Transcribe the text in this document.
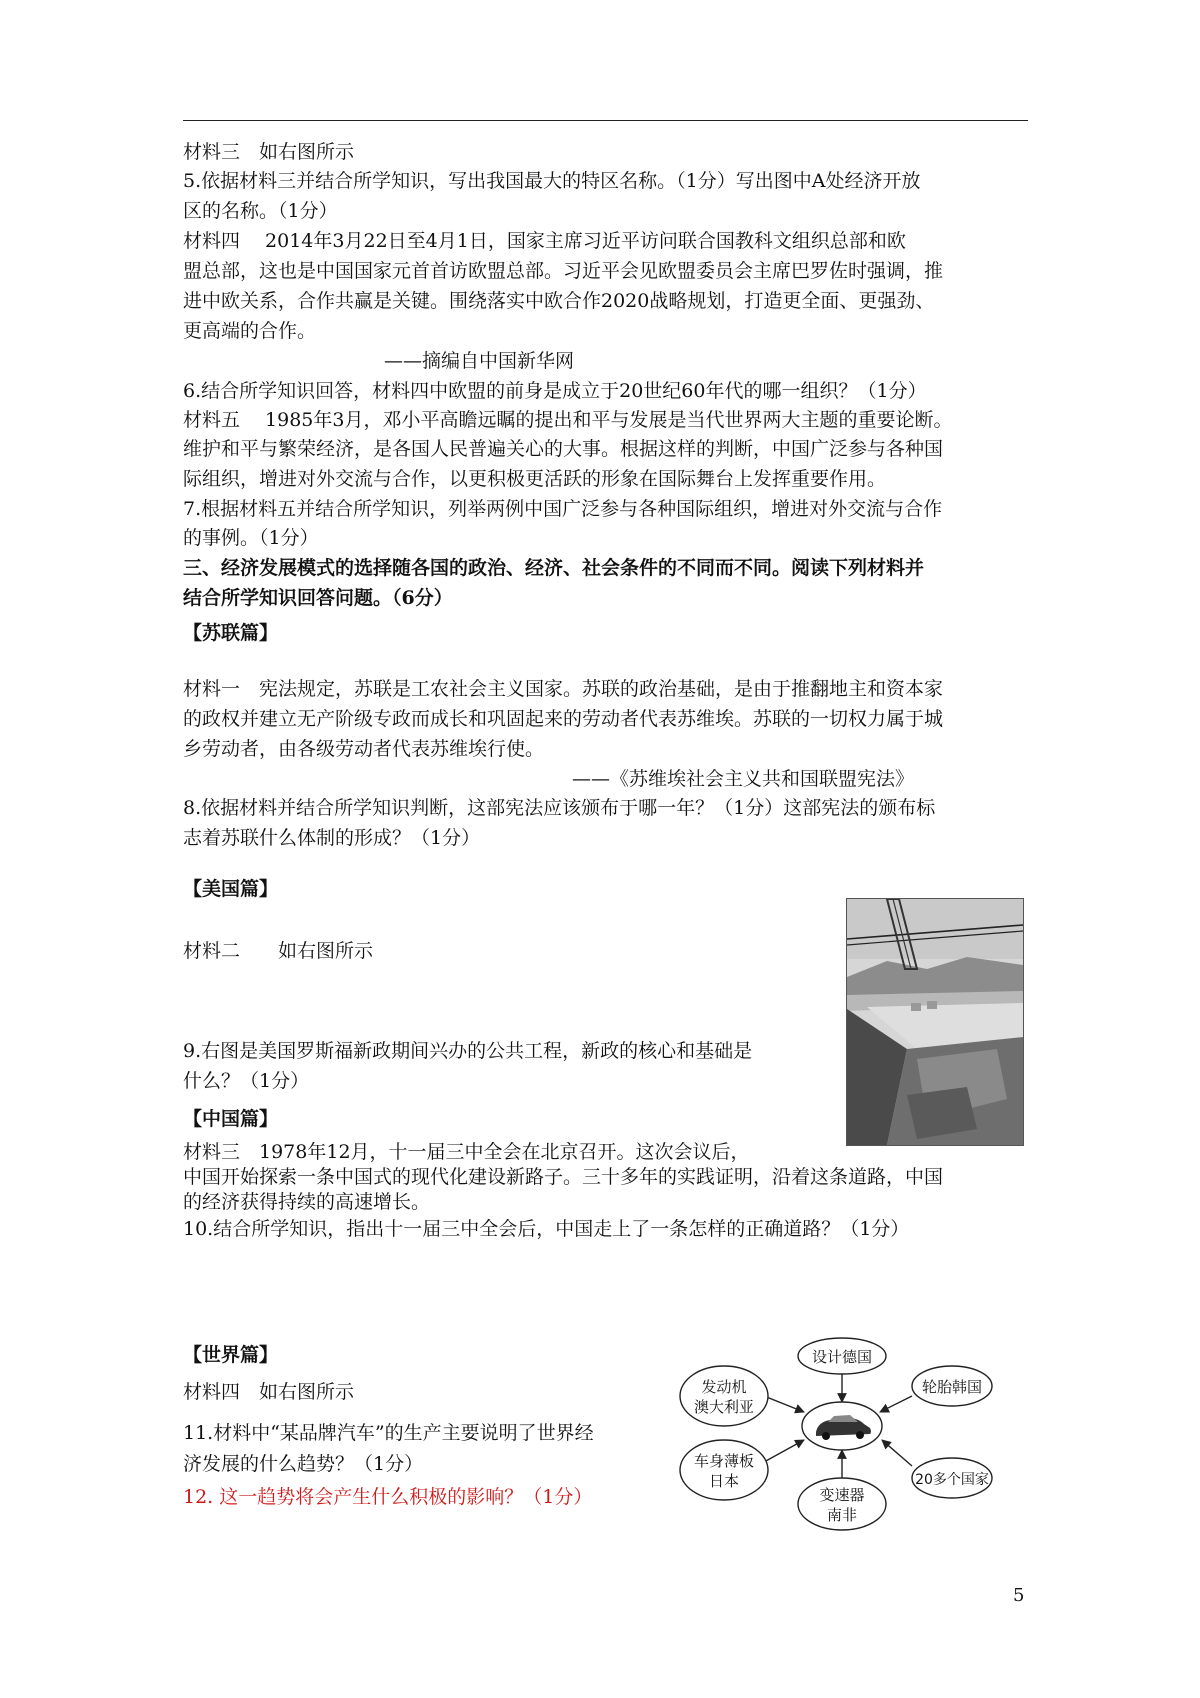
材料三　如右图所示
5.依据材料三并结合所学知识，写出我国最大的特区名称。（1分）写出图中A处经济开放
区的名称。（1分）
材料四　 2014年3月22日至4月1日，国家主席习近平访问联合国教科文组织总部和欧
盟总部，这也是中国国家元首首访欧盟总部。习近平会见欧盟委员会主席巴罗佐时强调，推
进中欧关系，合作共赢是关键。围绕落实中欧合作2020战略规划，打造更全面、更强劲、
更高端的合作。
——摘编自中国新华网
6.结合所学知识回答，材料四中欧盟的前身是成立于20世纪60年代的哪一组织？（1分）
材料五　 1985年3月，邓小平高瞻远瞩的提出和平与发展是当代世界两大主题的重要论断。
维护和平与繁荣经济，是各国人民普遍关心的大事。根据这样的判断，中国广泛参与各种国
际组织，增进对外交流与合作，以更积极更活跃的形象在国际舞台上发挥重要作用。
7.根据材料五并结合所学知识，列举两例中国广泛参与各种国际组织，增进对外交流与合作
的事例。（1分）
三、经济发展模式的选择随各国的政治、经济、社会条件的不同而不同。阅读下列材料并
结合所学知识回答问题。（6分）
【苏联篇】
材料一　宪法规定，苏联是工农社会主义国家。苏联的政治基础，是由于推翻地主和资本家
的政权并建立无产阶级专政而成长和巩固起来的劳动者代表苏维埃。苏联的一切权力属于城
乡劳动者，由各级劳动者代表苏维埃行使。
——《苏维埃社会主义共和国联盟宪法》
8.依据材料并结合所学知识判断，这部宪法应该颁布于哪一年？（1分）这部宪法的颁布标
志着苏联什么体制的形成？（1分）
【美国篇】
材料二　　如右图所示
9.右图是美国罗斯福新政期间兴办的公共工程，新政的核心和基础是
什么？（1分）
【中国篇】
材料三　1978年12月，十一届三中全会在北京召开。这次会议后，
中国开始探索一条中国式的现代化建设新路子。三十多年的实践证明，沿着这条道路，中国
的经济获得持续的高速增长。
10.结合所学知识，指出十一届三中全会后，中国走上了一条怎样的正确道路？（1分）
【世界篇】
材料四　如右图所示
11.材料中“某品牌汽车”的生产主要说明了世界经
济发展的什么趋势？（1分）
12. 这一趋势将会产生什么积极的影响？（1分）
设计德国
发动机
澳大利亚
轮胎韩国
车身薄板
日本	20多个国家
变速器
南非
5
